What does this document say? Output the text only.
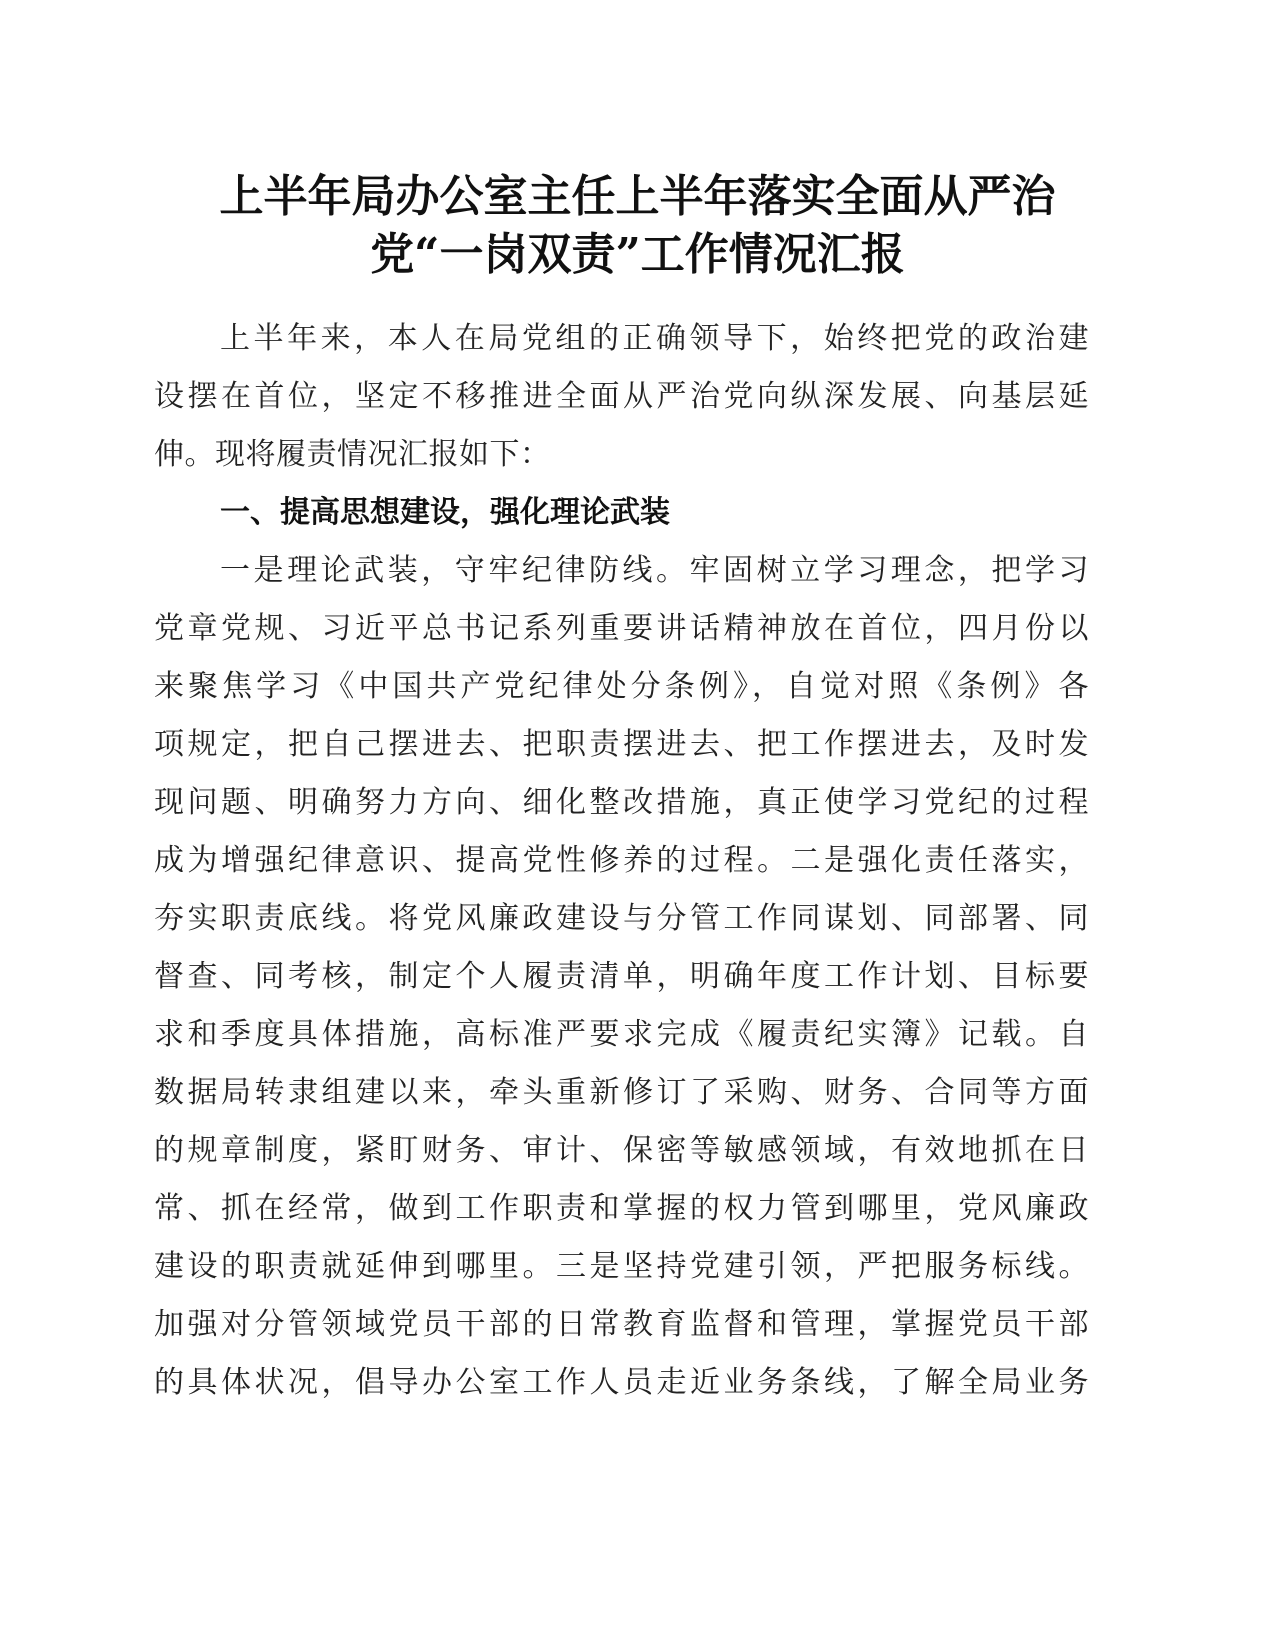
上半年局办公室主任上半年落实全面从严治
党“一岗双责”工作情况汇报
上半年来，本人在局党组的正确领导下，始终把党的政治建
设摆在首位，坚定不移推进全面从严治党向纵深发展、向基层延
伸。现将履责情况汇报如下：
一、提高思想建设，强化理论武装
一是理论武装，守牢纪律防线。牢固树立学习理念，把学习
党章党规、习近平总书记系列重要讲话精神放在首位，四月份以
来聚焦学习《中国共产党纪律处分条例》，自觉对照《条例》各
项规定，把自己摆进去、把职责摆进去、把工作摆进去，及时发
现问题、明确努力方向、细化整改措施，真正使学习党纪的过程
成为增强纪律意识、提高党性修养的过程。二是强化责任落实，
夯实职责底线。将党风廉政建设与分管工作同谋划、同部署、同
督查、同考核，制定个人履责清单，明确年度工作计划、目标要
求和季度具体措施，高标准严要求完成《履责纪实簿》记载。自
数据局转隶组建以来，牵头重新修订了采购、财务、合同等方面
的规章制度，紧盯财务、审计、保密等敏感领域，有效地抓在日
常、抓在经常，做到工作职责和掌握的权力管到哪里，党风廉政
建设的职责就延伸到哪里。三是坚持党建引领，严把服务标线。
加强对分管领域党员干部的日常教育监督和管理，掌握党员干部
的具体状况，倡导办公室工作人员走近业务条线，了解全局业务
